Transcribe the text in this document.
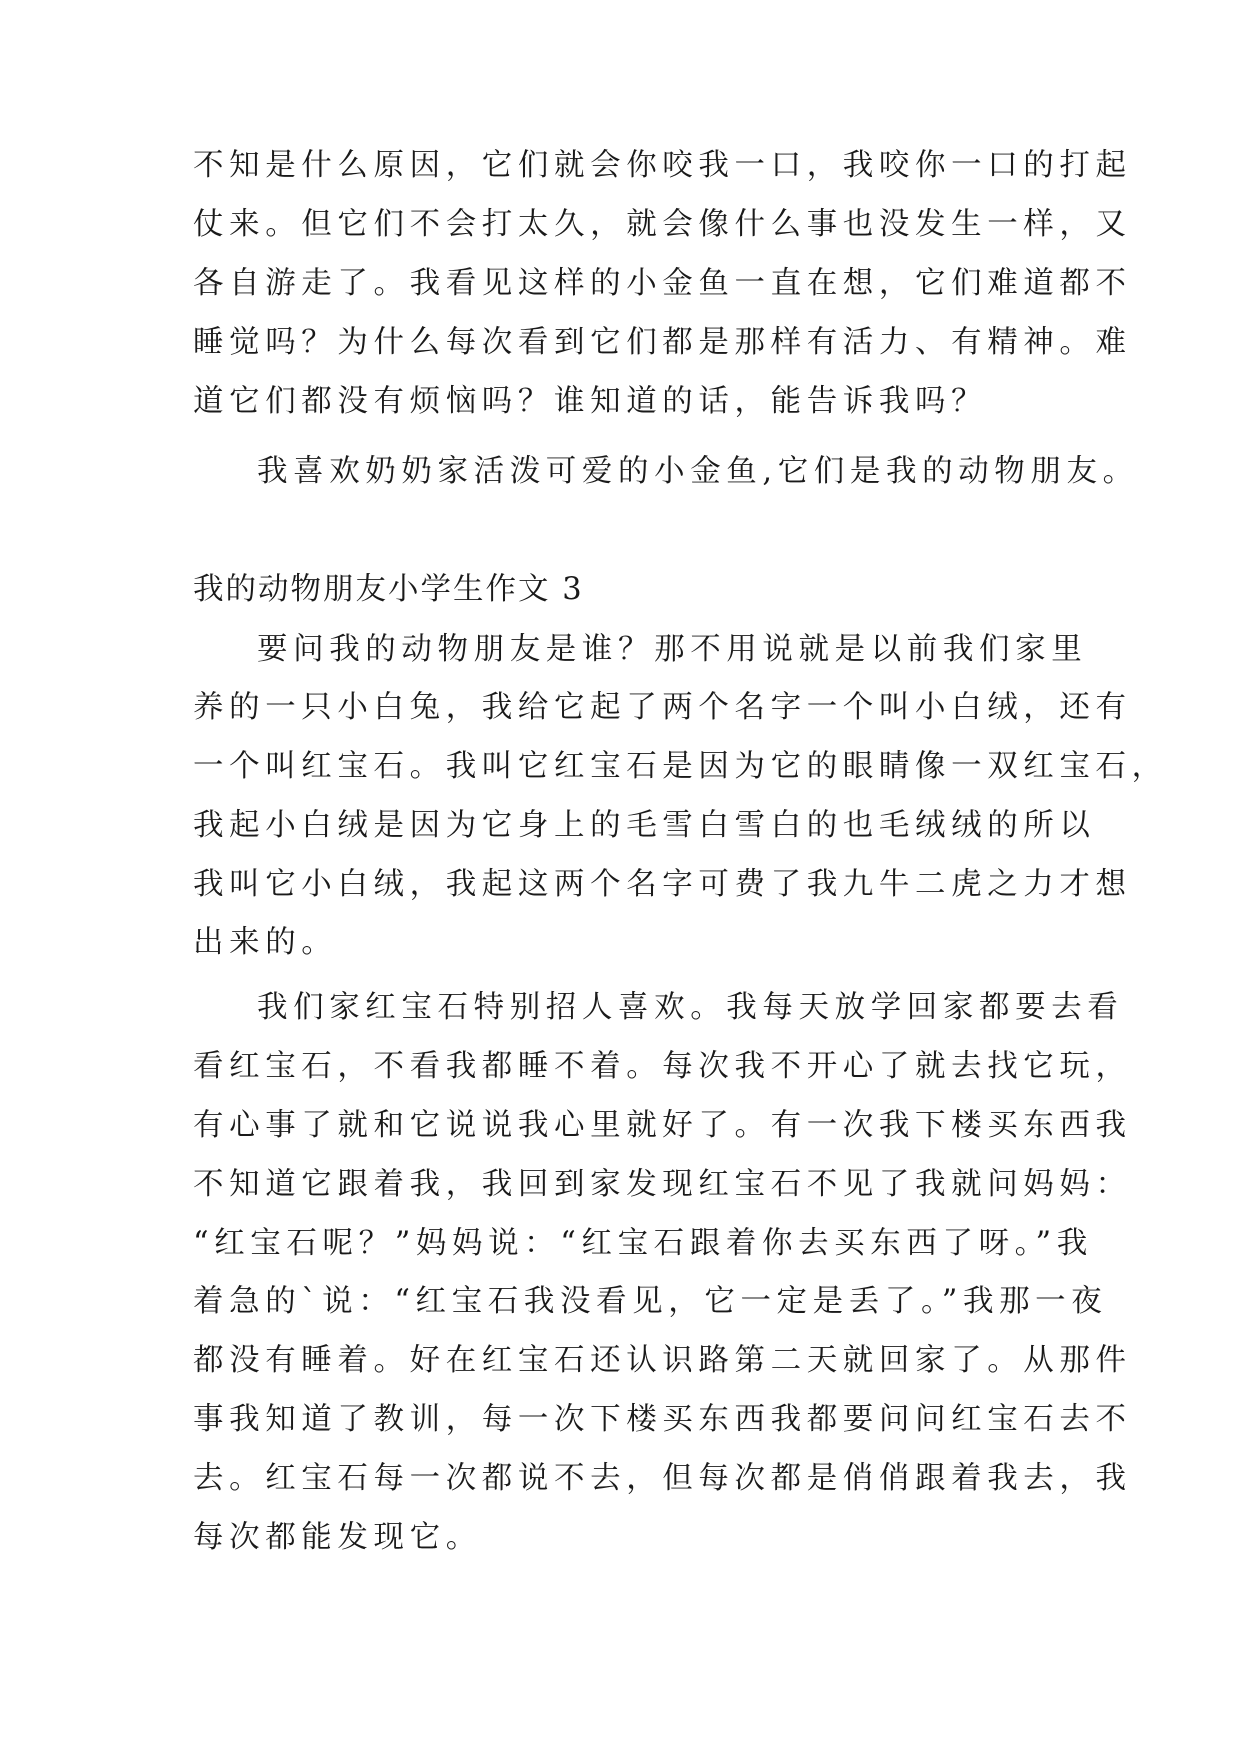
不知是什么原因，它们就会你咬我一口，我咬你一口的打起

仗来。但它们不会打太久，就会像什么事也没发生一样，又

各自游走了。我看见这样的小金鱼一直在想，它们难道都不

睡觉吗？为什么每次看到它们都是那样有活力、有精神。难

道它们都没有烦恼吗？谁知道的话，能告诉我吗？

我喜欢奶奶家活泼可爱的小金鱼,它们是我的动物朋友。

我的动物朋友小学生作文 3

要问我的动物朋友是谁？那不用说就是以前我们家里

养的一只小白兔，我给它起了两个名字一个叫小白绒，还有

一个叫红宝石。我叫它红宝石是因为它的眼睛像一双红宝石，

我起小白绒是因为它身上的毛雪白雪白的也毛绒绒的所以

我叫它小白绒，我起这两个名字可费了我九牛二虎之力才想

出来的。

我们家红宝石特别招人喜欢。我每天放学回家都要去看

看红宝石，不看我都睡不着。每次我不开心了就去找它玩，

有心事了就和它说说我心里就好了。有一次我下楼买东西我

不知道它跟着我，我回到家发现红宝石不见了我就问妈妈：

“红宝石呢？”妈妈说：“红宝石跟着你去买东西了呀。”我

着急的`说：“红宝石我没看见，它一定是丢了。”我那一夜

都没有睡着。好在红宝石还认识路第二天就回家了。从那件

事我知道了教训，每一次下楼买东西我都要问问红宝石去不

去。红宝石每一次都说不去，但每次都是俏俏跟着我去，我

每次都能发现它。
